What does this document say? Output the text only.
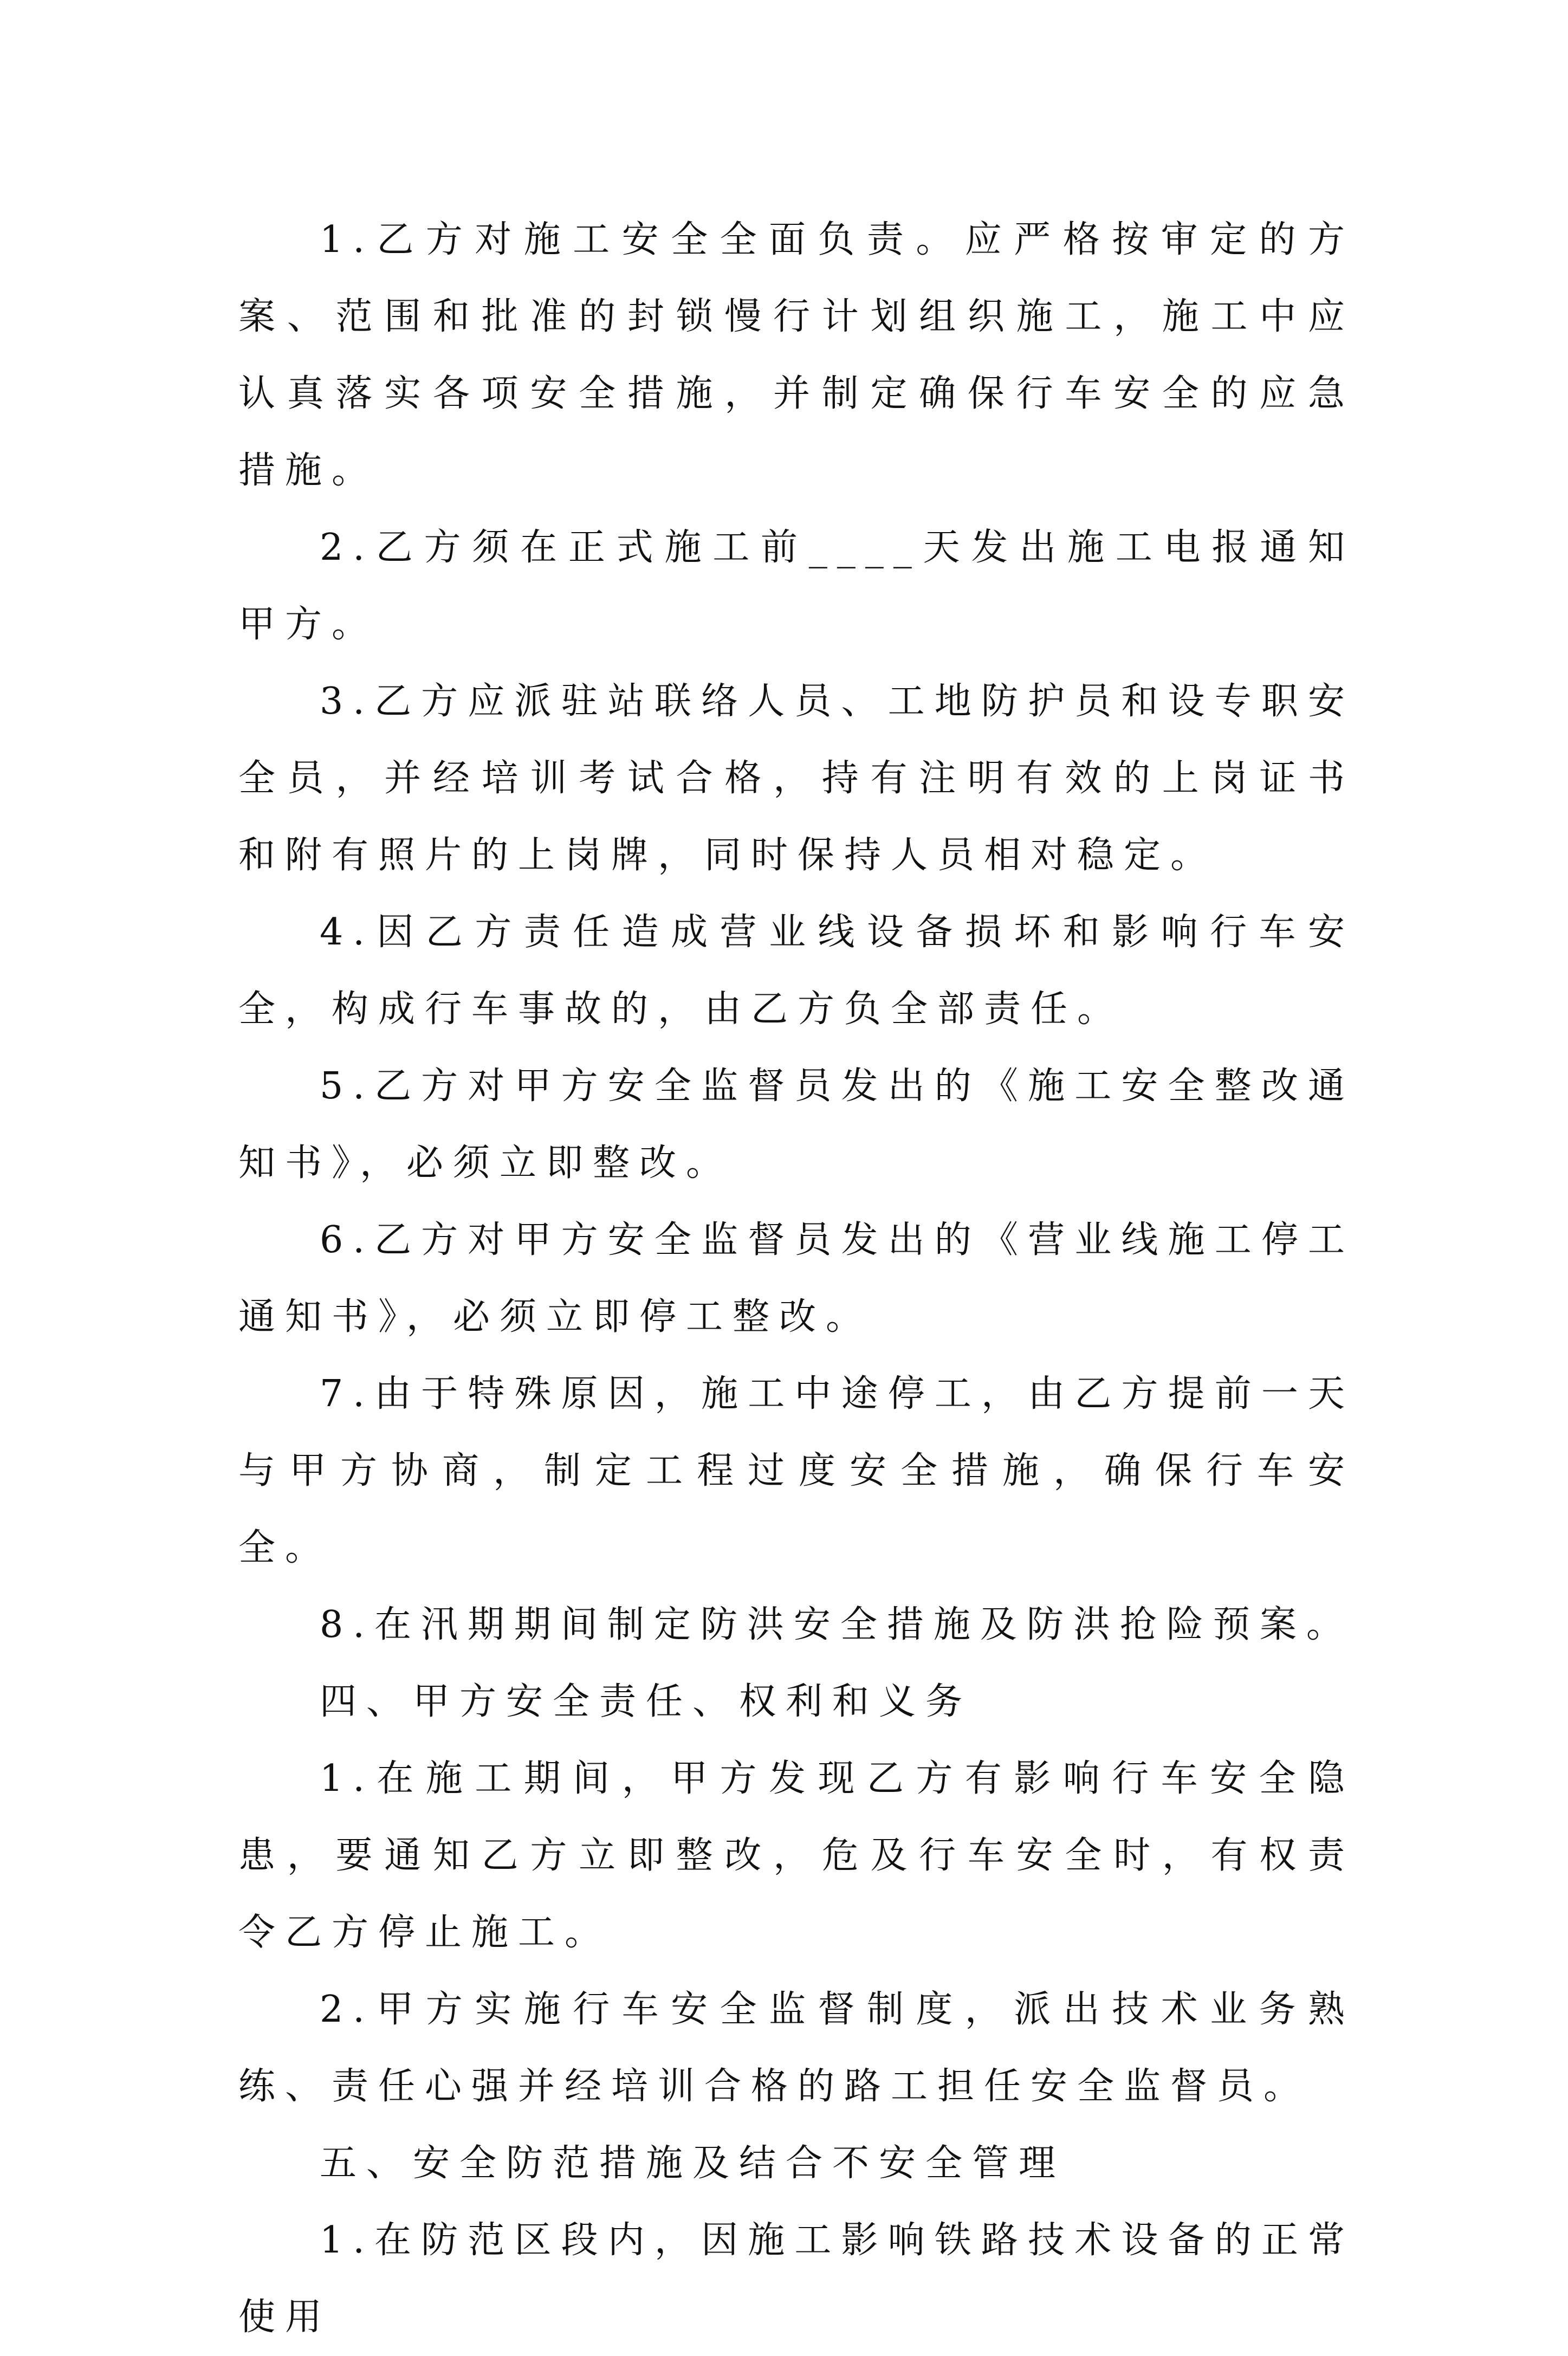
1.乙方对施工安全全面负责。应严格按审定的方案、范围和批准的封锁慢行计划组织施工，施工中应认真落实各项安全措施，并制定确保行车安全的应急措施。

2.乙方须在正式施工前____天发出施工电报通知甲方。

3.乙方应派驻站联络人员、工地防护员和设专职安全员，并经培训考试合格，持有注明有效的上岗证书和附有照片的上岗牌，同时保持人员相对稳定。

4.因乙方责任造成营业线设备损坏和影响行车安全，构成行车事故的，由乙方负全部责任。

5.乙方对甲方安全监督员发出的《施工安全整改通知书》，必须立即整改。

6.乙方对甲方安全监督员发出的《营业线施工停工通知书》，必须立即停工整改。

7.由于特殊原因，施工中途停工，由乙方提前一天与甲方协商，制定工程过度安全措施，确保行车安全。

8.在汛期期间制定防洪安全措施及防洪抢险预案。

四、甲方安全责任、权利和义务

1.在施工期间，甲方发现乙方有影响行车安全隐患，要通知乙方立即整改，危及行车安全时，有权责令乙方停止施工。

2.甲方实施行车安全监督制度，派出技术业务熟练、责任心强并经培训合格的路工担任安全监督员。

五、安全防范措施及结合不安全管理

1.在防范区段内，因施工影响铁路技术设备的正常使用
